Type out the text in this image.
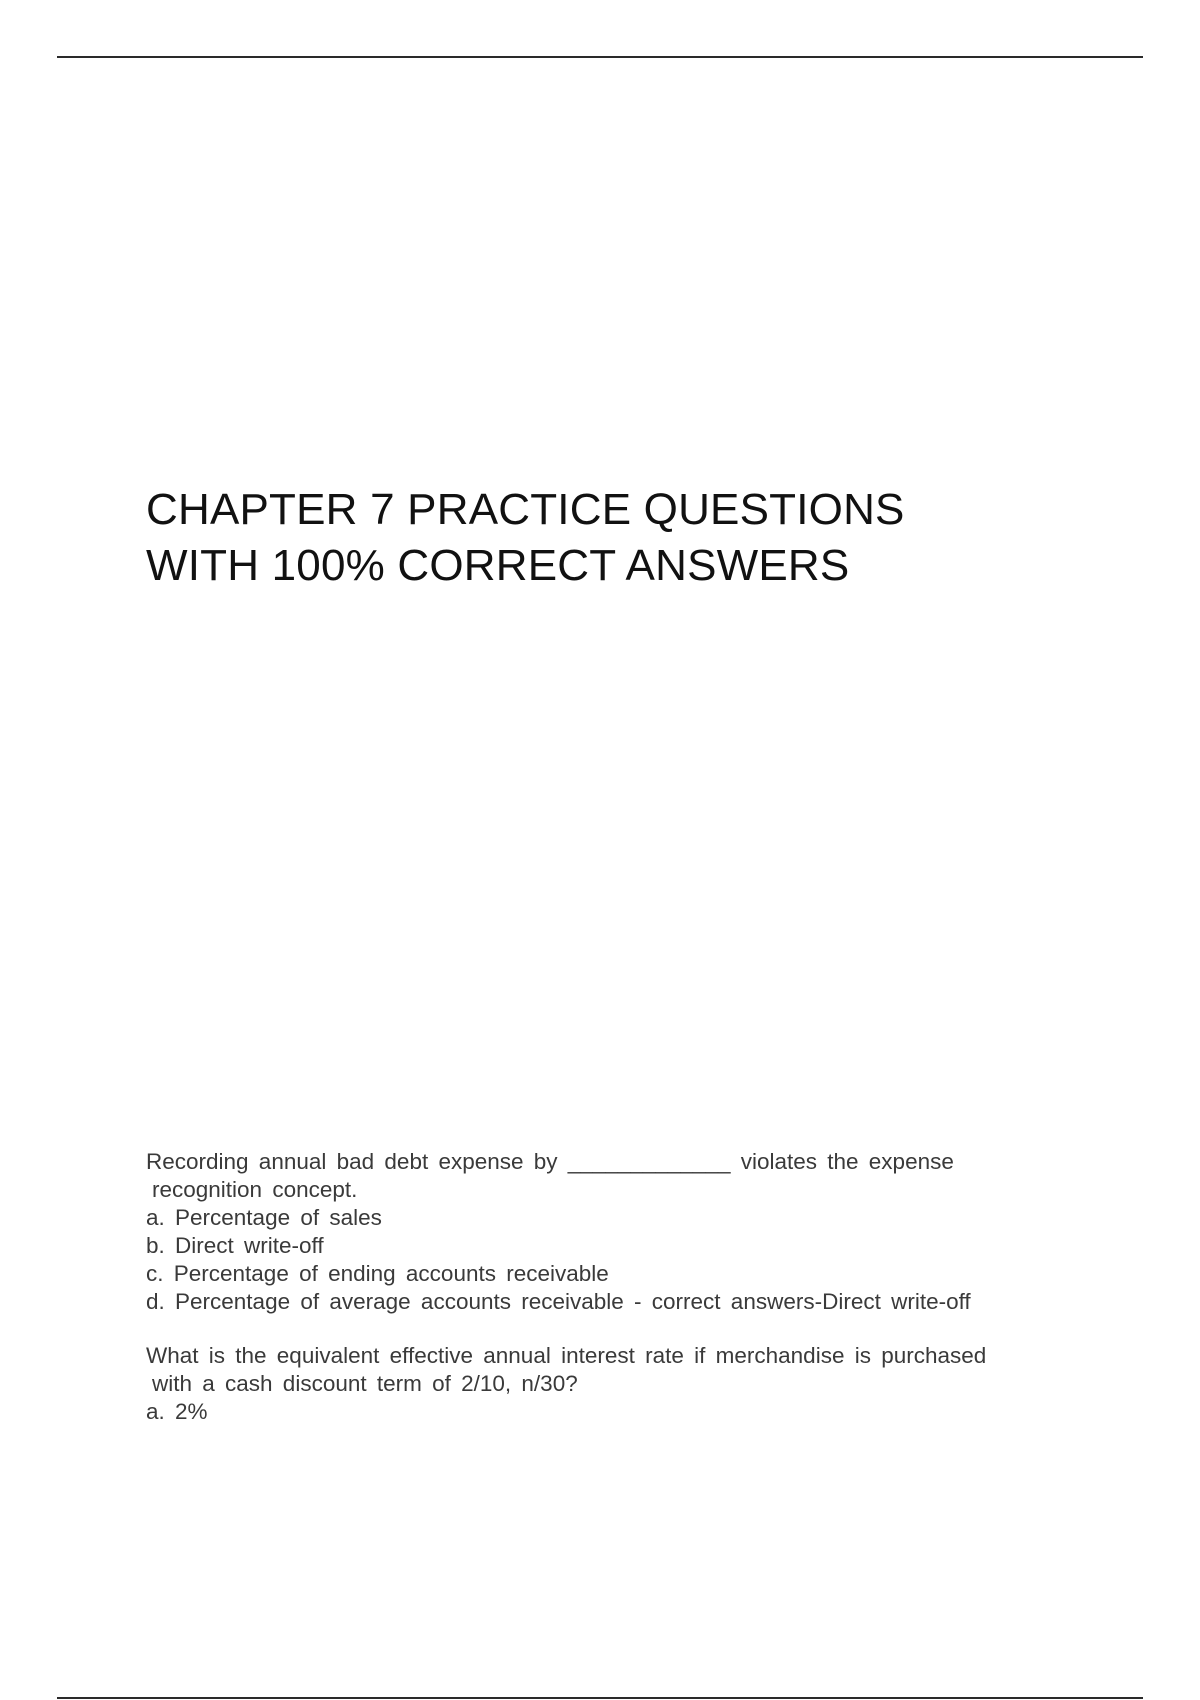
CHAPTER 7 PRACTICE QUESTIONS
WITH 100% CORRECT ANSWERS
Recording annual bad debt expense by _____________ violates the expense
recognition concept.
a. Percentage of sales
b. Direct write-off
c. Percentage of ending accounts receivable
d. Percentage of average accounts receivable - correct answers-Direct write-off
What is the equivalent effective annual interest rate if merchandise is purchased
with a cash discount term of 2/10, n/30?
a. 2%
